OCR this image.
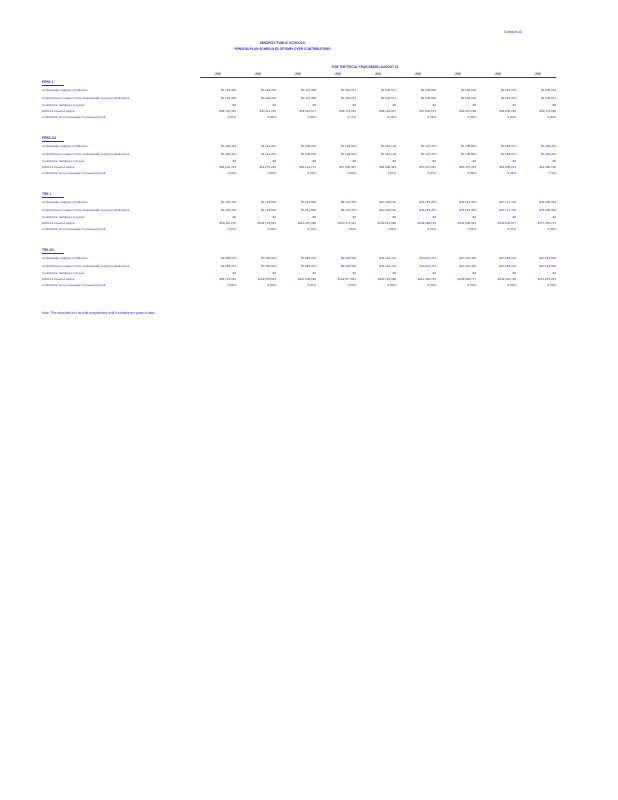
Schedule A5
MINORITY PUBLIC SCHOOLS
PENSION PLAN SCHEDULES OF EMPLOYER CONTRIBUTIONS
FOR THE FISCAL YEAR ENDED AUGUST 31
20X	20X	20X	20X	20X	20X	20X	20X	20X
PERS 1
Contractually required contribution	$1,193,360	$1,023,246	$1,371,368	$1,390,913	$2,032,617	$2,248,990	$2,260,130	$2,023,313	$2,135,913
Contributions in relation to the contractually required contributions	$1,193,360	$1,023,246	$1,371,368	$1,390,913	$2,032,617	$2,248,990	$2,260,130	$2,023,313	$2,135,913
Contribution deficiency (excess)	$0	$0	$0	$0	$0	$0	$0	$0	$0
District's covered payroll	$38,702,320	$33,411,370	$39,310,107	$36,173,020	$38,293,637	$37,930,273	$36,097,188	$35,038,258	$33,173,690
Contribution as a percentage of covered payroll	3.07%	3.06%	3.49%	3.77%	5.18%	5.78%	6.09%	5.60%	5.60%
PERS 2/3
Contractually required contribution	$1,300,393	$1,113,091	$1,339,918	$1,128,003	$1,323,128	$1,371,362	$1,738,803	$1,598,071	$1,300,062
Contributions in relation to the contractually required contributions	$1,300,393	$1,113,091	$1,339,918	$1,128,003	$1,323,128	$1,371,362	$1,738,803	$1,598,071	$1,300,062
Contribution deficiency (excess)	$0	$0	$0	$0	$0	$0	$0	$0	$0
District's covered payroll	$28,222,793	$23,073,262	$25,131,274	$27,905,087	$28,298,383	$27,037,061	$26,370,303	$25,868,213	$22,380,106
Contribution as a percentage of covered payroll	4.61%	4.82%	5.33%	4.04%	4.67%	5.07%	6.59%	6.18%	7.72%
TRS 1
Contractually required contribution	$3,301,329	$4,703,693	$7,213,590	$8,370,362	$10,339,136	$11,283,287	$11,831,303	$10,771,726	$11,086,083
Contributions in relation to the contractually required contributions	$3,301,329	$4,703,693	$7,213,590	$8,370,362	$10,339,136	$11,283,287	$11,831,303	$10,771,726	$11,086,083
Contribution deficiency (excess)	$0	$0	$0	$0	$0	$0	$0	$0	$0
District's covered payroll	$99,110,270	$109,733,593	$116,287,388	$120,179,112	$130,613,988	$139,668,133	$143,338,093	$149,633,677	$177,352,273
Contribution as a percentage of covered payroll	3.87%	4.29%	6.21%	7.00%	7.95%	8.21%	7.65%	6.37%	6.09%
TRS 2/3
Contractually required contribution	$3,083,913	$7,082,003	$7,883,231	$9,304,933	$11,101,729	$10,013,113	$10,316,306	$10,058,278	$10,163,839
Contributions in relation to the contractually required contributions	$3,083,913	$7,082,003	$7,883,231	$9,304,933	$11,101,729	$10,013,113	$10,316,306	$10,058,278	$10,163,839
Contribution deficiency (excess)	$0	$0	$0	$0	$0	$0	$0	$0	$0
District's covered payroll	$99,701,022	$103,978,863	$110,336,638	$122,077,862	$118,722,088	$112,320,379	$128,803,717	$133,630,728	$167,873,283
Contribution as a percentage of covered payroll	3.86%	6.81%	6.97%	7.61%	9.35%	8.91%	8.01%	8.03%	8.33%
Note: This schedule is to be built prospectively until it contains ten years of data.
